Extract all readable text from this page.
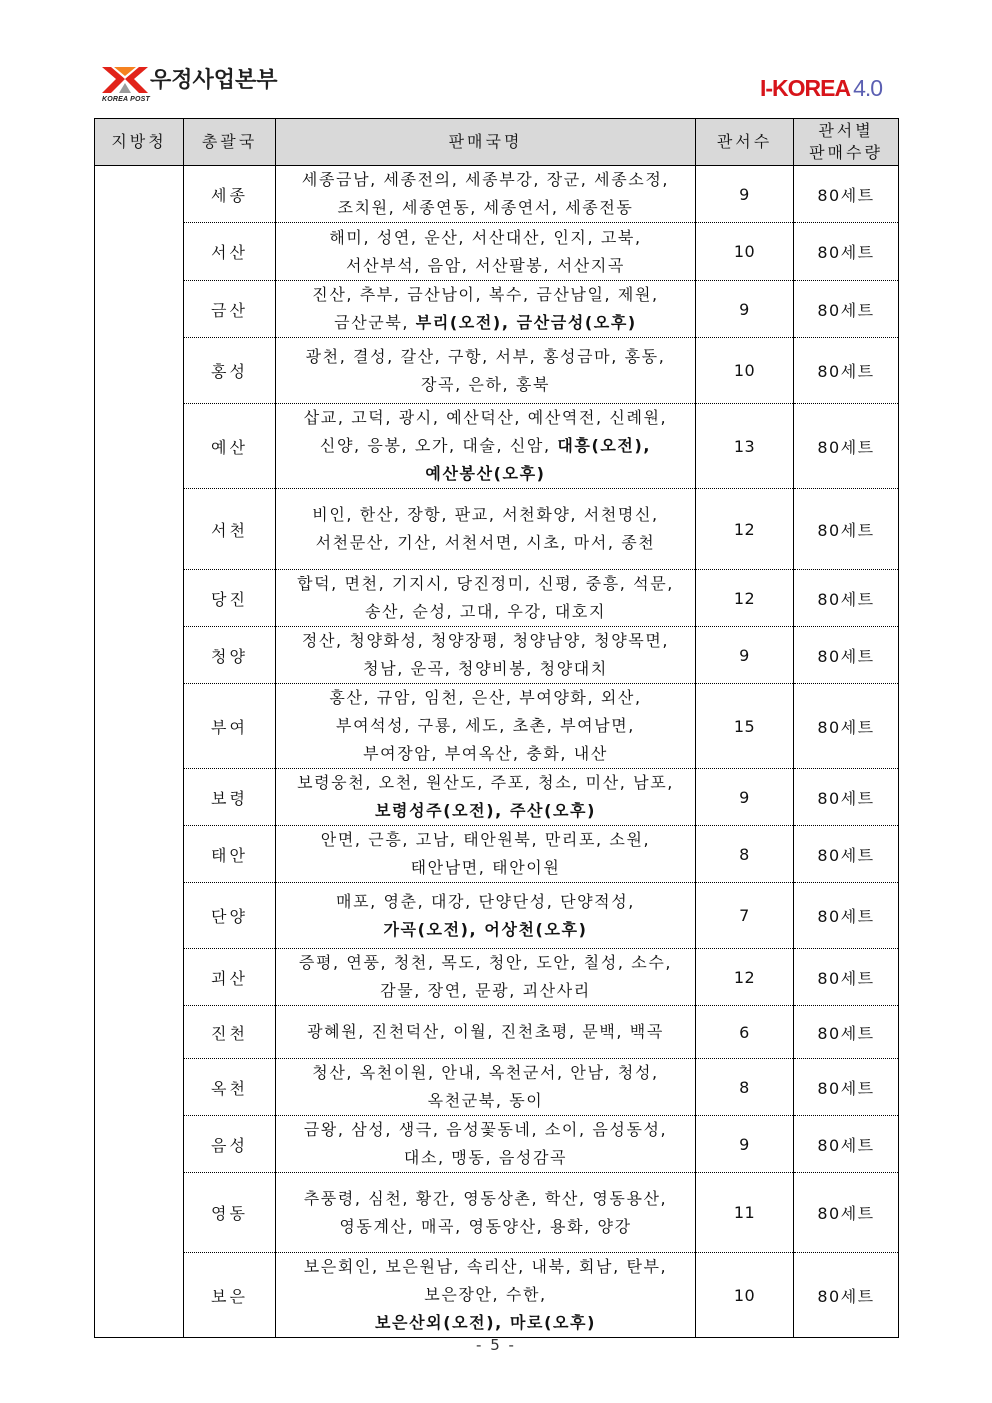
KOREA POST
우정사업본부	I-KOREA 4.0
지방청	총괄국	판매국명	관서수	관서별
판매수량

	세종	세종금남, 세종전의, 세종부강, 장군, 세종소정,
조치원, 세종연동, 세종연서, 세종전동	9	80세트
	서산	해미, 성연, 운산, 서산대산, 인지, 고북,
서산부석, 음암, 서산팔봉, 서산지곡	10	80세트
	금산	진산, 추부, 금산남이, 복수, 금산남일, 제원,
금산군북, 부리(오전), 금산금성(오후)	9	80세트
	홍성	광천, 결성, 갈산, 구항, 서부, 홍성금마, 홍동,
장곡, 은하, 홍북	10	80세트
	예산	삽교, 고덕, 광시, 예산덕산, 예산역전, 신례원,
신양, 응봉, 오가, 대술, 신암, 대흥(오전),
예산봉산(오후)	13	80세트
	서천	비인, 한산, 장항, 판교, 서천화양, 서천명신,
서천문산, 기산, 서천서면, 시초, 마서, 종천	12	80세트
	당진	합덕, 면천, 기지시, 당진정미, 신평, 중흥, 석문,
송산, 순성, 고대, 우강, 대호지	12	80세트
	청양	정산, 청양화성, 청양장평, 청양남양, 청양목면,
청남, 운곡, 청양비봉, 청양대치	9	80세트
	부여	홍산, 규암, 임천, 은산, 부여양화, 외산,
부여석성, 구룡, 세도, 초촌, 부여남면,
부여장암, 부여옥산, 충화, 내산	15	80세트
	보령	보령웅천, 오천, 원산도, 주포, 청소, 미산, 남포,
보령성주(오전), 주산(오후)	9	80세트
	태안	안면, 근흥, 고남, 태안원북, 만리포, 소원,
태안남면, 태안이원	8	80세트
	단양	매포, 영춘, 대강, 단양단성, 단양적성,
가곡(오전), 어상천(오후)	7	80세트
	괴산	증평, 연풍, 청천, 목도, 청안, 도안, 칠성, 소수,
감물, 장연, 문광, 괴산사리	12	80세트
	진천	광혜원, 진천덕산, 이월, 진천초평, 문백, 백곡	6	80세트
	옥천	청산, 옥천이원, 안내, 옥천군서, 안남, 청성,
옥천군북, 동이	8	80세트
	음성	금왕, 삼성, 생극, 음성꽃동네, 소이, 음성동성,
대소, 맹동, 음성감곡	9	80세트
	영동	추풍령, 심천, 황간, 영동상촌, 학산, 영동용산,
영동계산, 매곡, 영동양산, 용화, 양강	11	80세트
	보은	보은회인, 보은원남, 속리산, 내북, 회남, 탄부,
보은장안, 수한,
보은산외(오전), 마로(오후)	10	80세트
- 5 -
